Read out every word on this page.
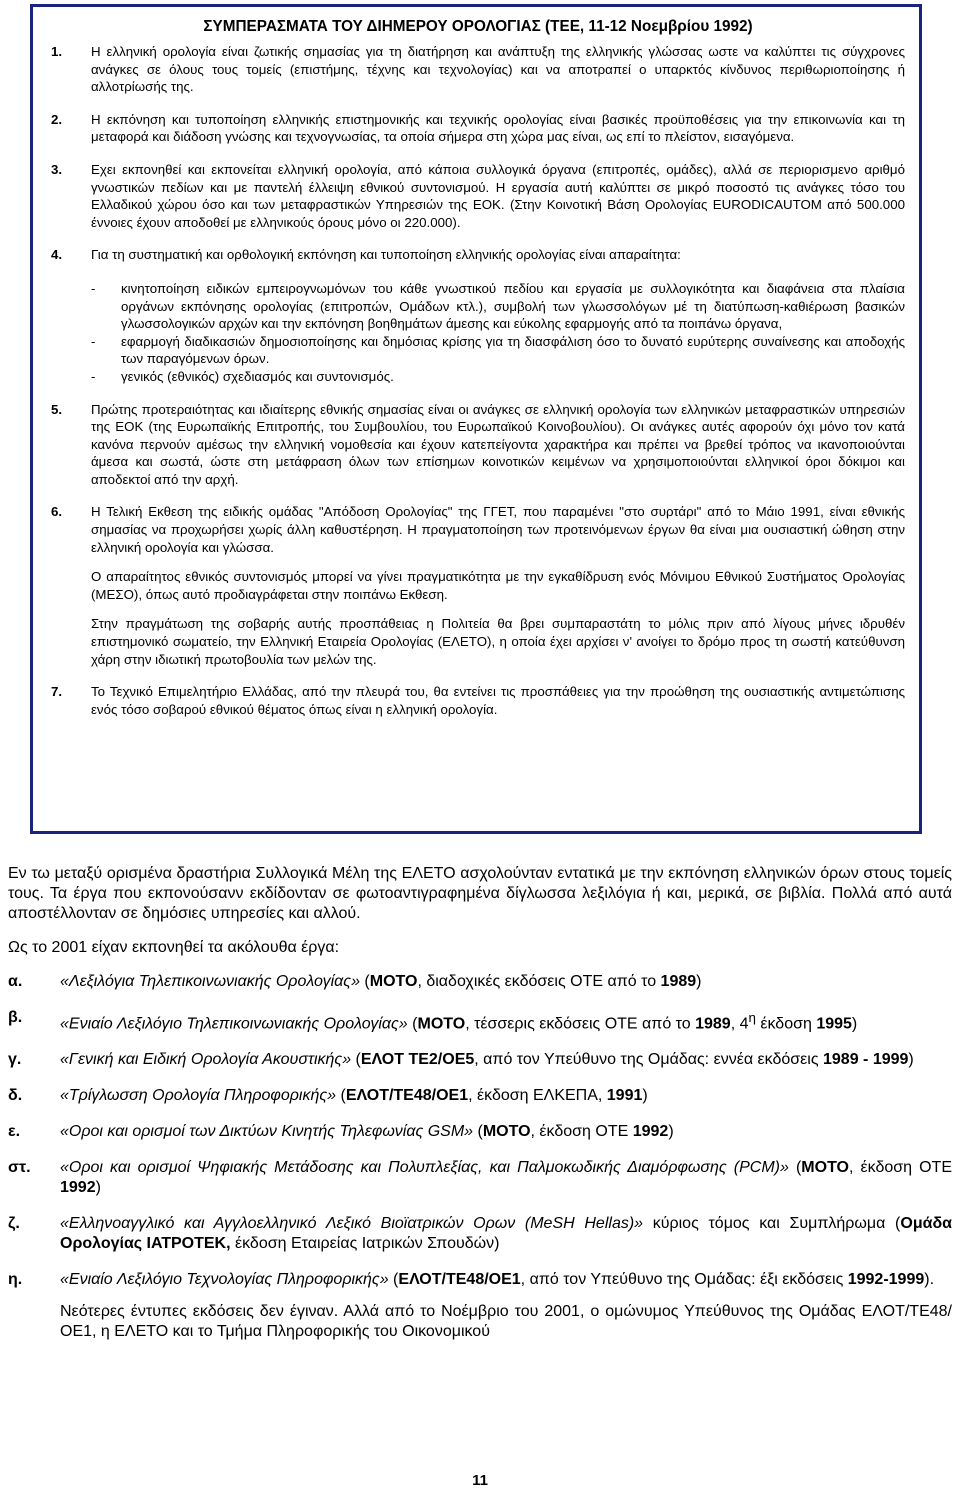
ΣΥΜΠΕΡΑΣΜΑΤΑ ΤΟΥ ΔΙΗΜΕΡΟΥ ΟΡΟΛΟΓΙΑΣ (ΤΕΕ, 11-12 Νοεμβρίου 1992)
1.	Η ελληνική ορολογία είναι ζωτικής σημασίας για τη διατήρηση και ανάπτυξη της ελληνικής γλώσσας ωστε να καλύπτει τις σύγχρονες ανάγκες σε όλους τους τομείς (επιστήμης, τέχνης και τεχνολογίας) και να αποτραπεί ο υπαρκτός κίνδυνος περιθωριοποίησης ή αλλοτρίωσής της.
2.	Η εκπόνηση και τυποποίηση ελληνικής επιστημονικής και τεχνικής ορολογίας είναι βασικές προϋποθέσεις για την επικοινωνία και τη μεταφορά και διάδοση γνώσης και τεχνογνωσίας, τα οποία σήμερα στη χώρα μας είναι, ως επί το πλείστον, εισαγόμενα.
3.	Εχει εκπονηθεί και εκπονείται ελληνική ορολογία, από κάποια συλλογικά όργανα (επιτροπές, ομάδες), αλλά σε περιορισμενο αριθμό γνωστικών πεδίων και με παντελή έλλειψη εθνικού συντονισμού. Η εργασία αυτή καλύπτει σε μικρό ποσοστό τις ανάγκες τόσο του Ελλαδικού χώρου όσο και των μεταφραστικών Υπηρεσιών της ΕΟΚ. (Στην Κοινοτική Βάση Ορολογίας EURODICAUTOM από 500.000 έννοιες έχουν αποδοθεί με ελληνικούς όρους μόνο οι 220.000).
4.	Για τη συστηματική και ορθολογική εκπόνηση και τυποποίηση ελληνικής ορολογίας είναι απαραίτητα:
-	κινητοποίηση ειδικών εμπειρογνωμόνων του κάθε γνωστικού πεδίου και εργασία με συλλογικότητα και διαφάνεια στα πλαίσια οργάνων εκπόνησης ορολογίας (επιτροπών, Ομάδων κτλ.), συμβολή των γλωσσολόγων μέ τη διατύπωση-καθιέρωση βασικών γλωσσολογικών αρχών και την εκπόνηση βοηθημάτων άμεσης και εύκολης εφαρμογής από τα ποιπάνω όργανα,
-	εφαρμογή διαδικασιών δημοσιοποίησης και δημόσιας κρίσης για τη διασφάλιση όσο το δυνατό ευρύτερης συναίνεσης και αποδοχής των παραγόμενων όρων.
-	γενικός (εθνικός) σχεδιασμός και συντονισμός.
5.	Πρώτης προτεραιότητας και ιδιαίτερης εθνικής σημασίας είναι οι ανάγκες σε ελληνική ορολογία των ελληνικών μεταφραστικών υπηρεσιών της ΕΟΚ (της Ευρωπαϊκής Επιτροπής, του Συμβουλίου, του Ευρωπαϊκού Κοινοβουλίου). Οι ανάγκες αυτές αφορούν όχι μόνο τον κατά κανόνα περνούν αμέσως την ελληνική νομοθεσία και έχουν κατεπείγοντα χαρακτήρα και πρέπει να βρεθεί τρόπος να ικανοποιούνται άμεσα και σωστά, ώστε στη μετάφραση όλων των επίσημων κοινοτικών κειμένων να χρησιμοποιούνται ελληνικοί όροι δόκιμοι και αποδεκτοί από την αρχή.
6.	Η Τελική Εκθεση της ειδικής ομάδας "Απόδοση Ορολογίας" της ΓΓΕΤ, που παραμένει "στο συρτάρι" από το Μάιο 1991, είναι εθνικής σημασίας να προχωρήσει χωρίς άλλη καθυστέρηση. Η πραγματοποίηση των προτεινόμενων έργων θα είναι μια ουσιαστική ώθηση στην ελληνική ορολογία και γλώσσα.

Ο απαραίτητος εθνικός συντονισμός μπορεί να γίνει πραγματικότητα με την εγκαθίδρυση ενός Μόνιμου Εθνικού Συστήματος Ορολογίας (ΜΕΣΟ), όπως αυτό προδιαγράφεται στην ποιπάνω Εκθεση.

Στην πραγμάτωση της σοβαρής αυτής προσπάθειας η Πολιτεία θα βρει συμπαραστάτη το μόλις πριν από λίγους μήνες ιδρυθέν επιστημονικό σωματείο, την Ελληνική Εταιρεία Ορολογίας (ΕΛΕΤΟ), η οποία έχει αρχίσει ν' ανοίγει το δρόμο προς τη σωστή κατεύθυνση χάρη στην ιδιωτική πρωτοβουλία των μελών της.

7.	Το Τεχνικό Επιμελητήριο Ελλάδας, από την πλευρά του, θα εντείνει τις προσπάθειες για την προώθηση της ουσιαστικής αντιμετώπισης ενός τόσο σοβαρού εθνικού θέματος όπως είναι η ελληνική ορολογία.

Εν τω μεταξύ ορισμένα δραστήρια Συλλογικά Μέλη της ΕΛΕΤΟ ασχολούνταν εντατικά με την εκπόνηση ελληνικών όρων στους τομείς τους. Τα έργα που εκπονούσανν εκδίδονταν σε φωτοαντιγραφημένα δίγλωσσα λεξιλόγια ή και, μερικά, σε βιβλία. Πολλά από αυτά αποστέλλονταν σε δημόσιες υπηρεσίες και αλλού.

Ως το 2001 είχαν εκπονηθεί τα ακόλουθα έργα:

α.	«Λεξιλόγια Τηλεπικοινωνιακής Ορολογίας» (ΜΟΤΟ, διαδοχικές εκδόσεις ΟΤΕ από το 1989)
β.	«Ενιαίο Λεξιλόγιο Τηλεπικοινωνιακής Ορολογίας» (ΜΟΤΟ, τέσσερις εκδόσεις ΟΤΕ από το 1989, $4^\eta$ έκδοση 1995)
γ.	«Γενική και Ειδική Ορολογία Ακουστικής» (ΕΛΟΤ ΤΕ2/ΟΕ5, από τον Υπεύθυνο της Ομάδας: εννέα εκδόσεις 1989 - 1999)
δ.	«Τρίγλωσση Ορολογία Πληροφορικής» (ΕΛΟΤ/ΤΕ48/ΟΕ1, έκδοση ΕΛΚΕΠΑ, 1991)
ε.	«Οροι και ορισμοί των Δικτύων Κινητής Τηλεφωνίας GSM» (ΜΟΤΟ, έκδοση ΟΤΕ 1992)
στ.	«Οροι και ορισμοί Ψηφιακής Μετάδοσης και Πολυπλεξίας, και Παλμοκωδικής Διαμόρφωσης (PCM)» (ΜΟΤΟ, έκδοση ΟΤΕ 1992)
ζ.	«Ελληνοαγγλικό και Αγγλοελληνικό Λεξικό Βιοϊατρικών Ορων (MeSH Hellas)» κύριος τόμος και Συμπλήρωμα (Ομάδα Ορολογίας ΙΑΤΡΟΤΕΚ, έκδοση Εταιρείας Ιατρικών Σπουδών)
η.	«Ενιαίο Λεξιλόγιο Τεχνολογίας Πληροφορικής» (ΕΛΟΤ/ΤΕ48/ΟΕ1, από τον Υπεύθυνο της Ομάδας: έξι εκδόσεις 1992-1999).

Νεότερες έντυπες εκδόσεις δεν έγιναν. Αλλά από το Νοέμβριο του 2001, ο ομώνυμος Υπεύθυνος της Ομάδας ΕΛΟΤ/ΤΕ48/ΟΕ1, η ΕΛΕΤΟ και το Τμήμα Πληροφορικής του Οικονομικού

11
